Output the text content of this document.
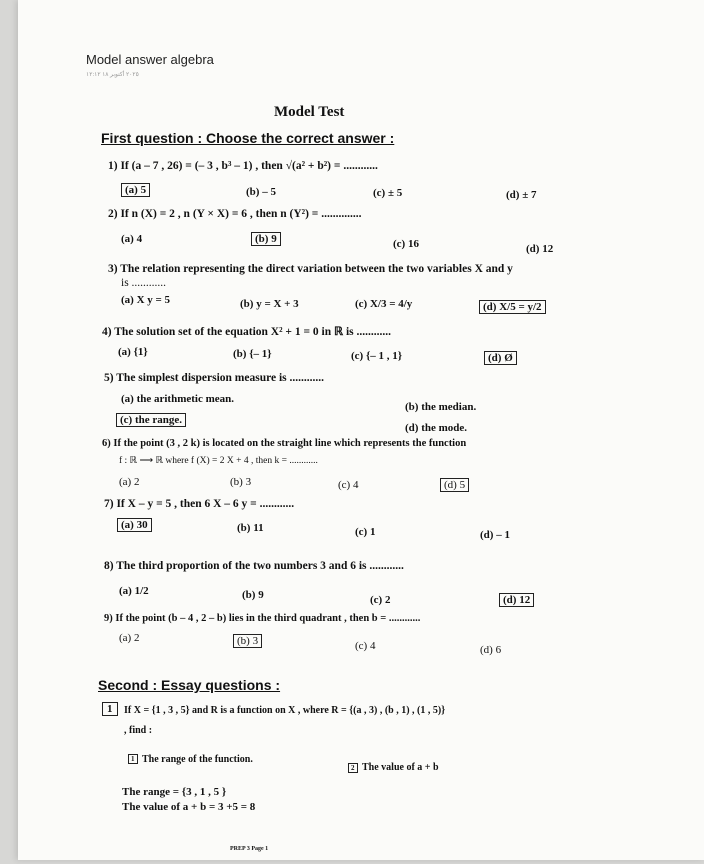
Model answer algebra
٢٠٢٥ أكتوبر ١٨ ١٢:١٢
Model Test
First question : Choose the correct answer :
1) If (a – 7 , 26) = (– 3 , b³ – 1) , then √(a² + b²) = ............
(a) 5	(b) – 5	(c) ± 5	(d) ± 7
2) If n (X) = 2 , n (Y × X) = 6 , then n (Y²) = ..............
(a) 4	(b) 9	(c) 16	(d) 12
3) The relation representing the direct variation between the two variables X and y
is ............
(a) X y = 5	(b) y = X + 3	(c) X/3 = 4/y	(d) X/5 = y/2
4) The solution set of the equation X² + 1 = 0 in ℝ is ............
(a) {1}	(b) {– 1}	(c) {– 1 , 1}	(d) Ø
5) The simplest dispersion measure is ............
(a) the arithmetic mean.
(b) the median.
(c) the range.
(d) the mode.
6) If the point (3 , 2 k) is located on the straight line which represents the function
f : ℝ ⟶ ℝ where f (X) = 2 X + 4 , then k = ............
(a) 2	(b) 3	(c) 4	(d) 5
7) If X – y = 5 , then 6 X – 6 y = ............
(a) 30	(b) 11	(c) 1	(d) – 1
8) The third proportion of the two numbers 3 and 6 is ............
(a) 1/2	(b) 9	(c) 2	(d) 12
9) If the point (b – 4 , 2 – b) lies in the third quadrant , then b = ............
(a) 2	(b) 3	(c) 4	(d) 6
Second : Essay questions :
1	If X = {1 , 3 , 5} and R is a function on X , where R = {(a , 3) , (b , 1) , (1 , 5)}
, find :
1 The range of the function.
2 The value of a + b
The range = {3 , 1 , 5 }
The value of a + b = 3 +5 = 8
PREP 3 Page 1
